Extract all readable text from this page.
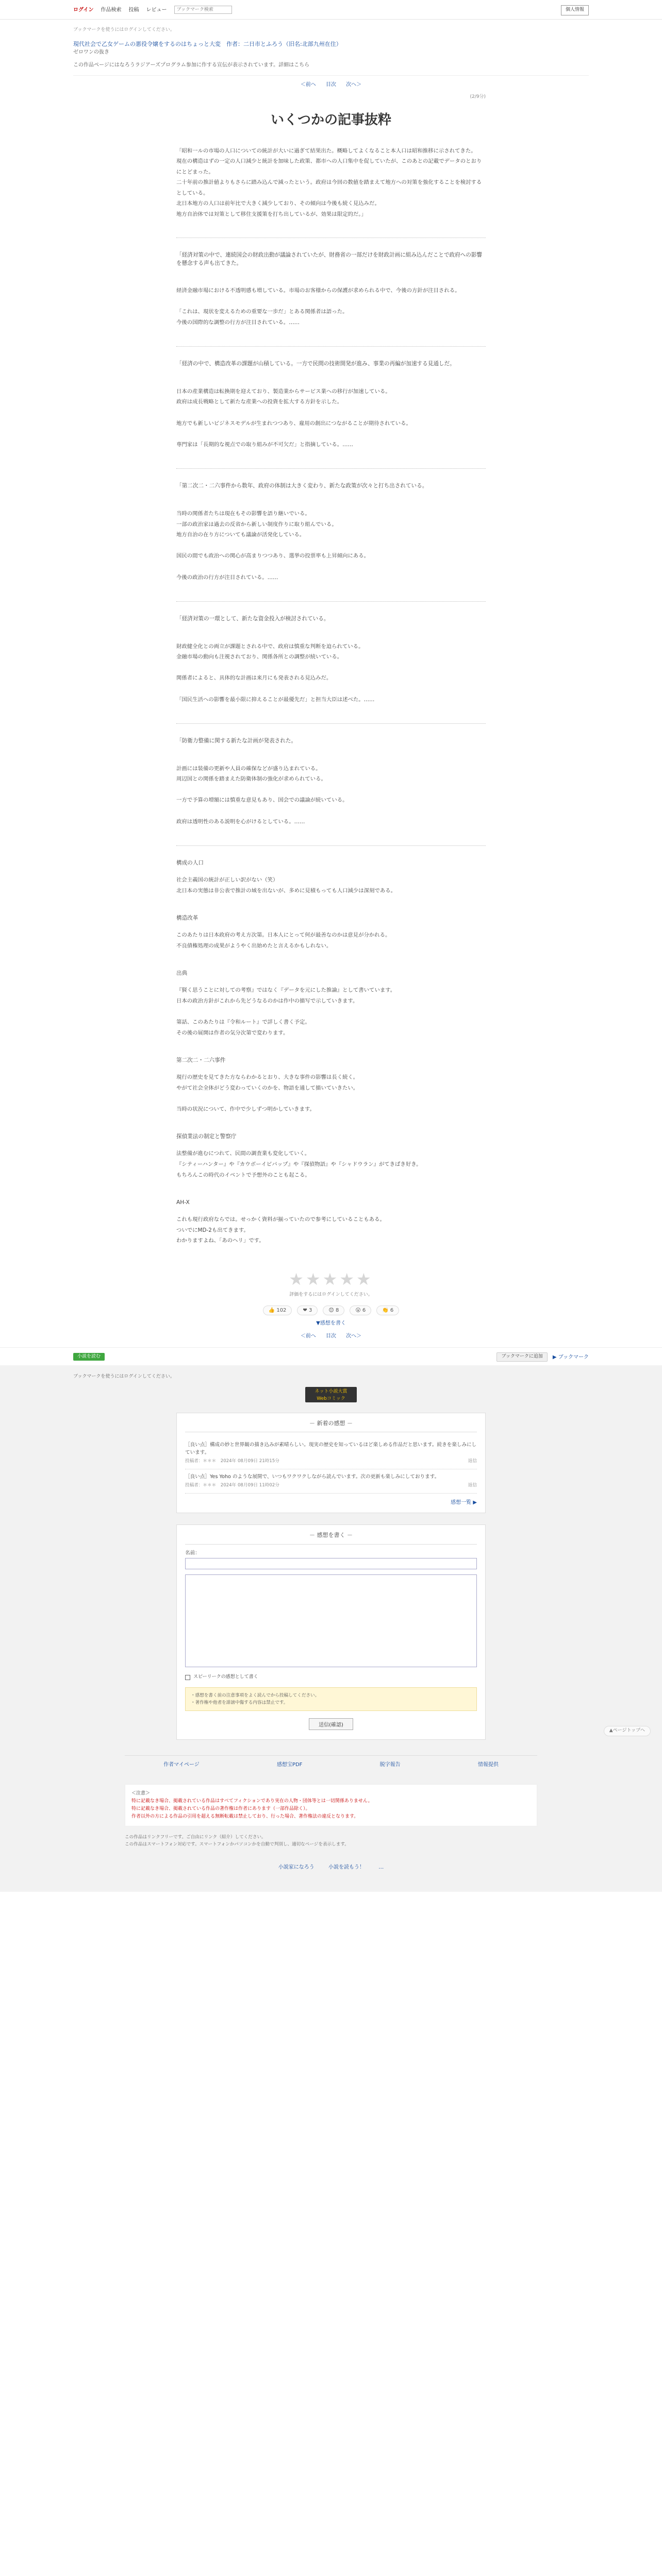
ログイン 作品検索 投稿 レビュー
ブックマーク検索	個人情報
ブックマークを使うにはログインしてください。
現代社会で乙女ゲームの悪役令嬢をするのはちょっと大変　作者：二日市とふろう（旧名:北部九州在住）
ゼロワンの抜き
この作品ページにはなろうラジアーズプログラム参加に作する宣伝が表示されています。詳細はこちら
＜前へ 目次 次へ＞
(2/9分)
いくつかの記事抜粋

「昭和一ルの市場の人口についての統計が大いに過ぎて結果出た。概略してよくなること本人口は昭和推移に示されてきた。
現在の構造はずの一定の人口減少と統計を加味した政策、都市への人口集中を促していたが、このあとの記載でデータのとおりにとどまった。
二十年前の推計値よりもさらに踏み込んで減ったという。政府は今回の数値を踏まえて地方への対策を強化することを検討するとしている。
北日本地方の人口は前年比で大きく減少しており、その傾向は今後も続く見込みだ。
地方自治体では対策として移住支援策を打ち出しているが、効果は限定的だ。」

「経済対策の中で、連続国会の財政出動が議論されていたが、財務省の一部だけを財政計画に組み込んだことで政府への影響を懸念する声も出てきた。

経済金融市場における不透明感も増している。市場のお客様からの保護が求められる中で、今後の方針が注目される。

「これは、現状を変えるための重要な一歩だ」とある関係者は語った。
今後の国際的な調整の行方が注目されている。……
「経済の中で、構造改革の課題が山積している。一方で民間の技術開発が進み、事業の再編が加速する見通しだ。

日本の産業構造は転換期を迎えており、製造業からサービス業への移行が加速している。
政府は成長戦略として新たな産業への投資を拡大する方針を示した。

地方でも新しいビジネスモデルが生まれつつあり、雇用の創出につながることが期待されている。

専門家は「長期的な視点での取り組みが不可欠だ」と指摘している。……
「第二次二・二六事件から数年、政府の体制は大きく変わり、新たな政策が次々と打ち出されている。

当時の関係者たちは現在もその影響を語り継いでいる。
一部の政治家は過去の反省から新しい制度作りに取り組んでいる。
地方自治の在り方についても議論が活発化している。

国民の間でも政治への関心が高まりつつあり、選挙の投票率も上昇傾向にある。

今後の政治の行方が注目されている。……
「経済対策の一環として、新たな資金投入が検討されている。

財政健全化との両立が課題とされる中で、政府は慎重な判断を迫られている。
金融市場の動向も注視されており、関係各所との調整が続いている。

関係者によると、具体的な計画は来月にも発表される見込みだ。

「国民生活への影響を最小限に抑えることが最優先だ」と担当大臣は述べた。……
「防衛力整備に関する新たな計画が発表された。

計画には装備の更新や人員の確保などが盛り込まれている。
周辺国との関係を踏まえた防衛体制の強化が求められている。

一方で予算の増額には慎重な意見もあり、国会での議論が続いている。

政府は透明性のある説明を心がけるとしている。……
構成の人口
社会主義国の統計が正しい訳がない（笑）
北日本の実態は非公表で推計の域を出ないが、多めに見積もっても人口減少は深刻である。
構造改革
このあたりは日本政府の考え方次第。日本人にとって何が最善なのかは意見が分かれる。
不良債権処理の成果がようやく出始めたと言えるかもしれない。
出典
『賢く思うことに対しての考察』ではなく『データを元にした推論』として書いています。
日本の政治方針がこれから先どうなるのかは作中の描写で示していきます。

第話、このあたりは『令和ルート』で詳しく書く予定。
その後の展開は作者の気分次第で変わります。
第二次二・二六事件
現行の歴史を見てきた方ならわかるとおり、大きな事件の影響は長く続く。
やがて社会全体がどう変わっていくのかを、物語を通して描いていきたい。

当時の状況について、作中で少しずつ明かしていきます。
探偵業法の制定と警察庁
法整備が進むにつれて、民間の調査業も変化していく。
『シティーハンター』や『カウボーイビバップ』や『探偵物語』や『シャドウラン』がてきぱき好き。
もちろんこの時代のイベントで予想外のことも起こる。
AH-X
これも現行政府ならでは。せっかく資料が揃っていたので参考にしていることもある。
ついでにMD-2も出てきます。
わかりますよね、「あのヘリ」です。
★★★★★
評価をするにはログインしてください。
👍 102	❤ 3	😊 8	😮 6	👏 6
▼感想を書く
＜前へ 目次 次へ＞
小説を読む	ブックマークに追加	▶ ブックマーク
ブックマークを使うにはログインしてください。
ネット小説大賞
Webコミック
－ 新着の感想 －
［良い点］構成の妙と世界観の描き込みが素晴らしい。現実の歴史を知っているほど楽しめる作品だと思います。続きを楽しみにしています。
投稿者：＊＊＊　2024年 08月09日 21時15分	返信
［良い点］Yes Yoho のような展開で、いつもワクワクしながら読んでいます。次の更新も楽しみにしております。
投稿者：＊＊＊　2024年 08月09日 11時02分	返信
感想一覧 ▶
－ 感想を書く －
名前：
スピーリークの感想として書く
・感想を書く前の注意事項をよく読んでから投稿してください。
・著作権や他者を誹謗中傷する内容は禁止です。
送信(確認)
作者マイページ	感想宝PDF	脱字報告	情報提供
＜注意＞
特に記載なき場合、掲載されている作品はすべてフィクションであり実在の人物・団体等とは一切関係ありません。
特に記載なき場合、掲載されている作品の著作権は作者にあります（一部作品除く）。
作者以外の方による作品の引用を超える無断転載は禁止しており、行った場合、著作権法の違反となります。
この作品はリンクフリーです。ご自由にリンク（紹介）してください。
この作品はスマートフォン対応です。スマートフォンかパソコンかを自動で判別し、適切なページを表示します。
小説家になろう	小説を読もう！	…
▲ページトップへ
